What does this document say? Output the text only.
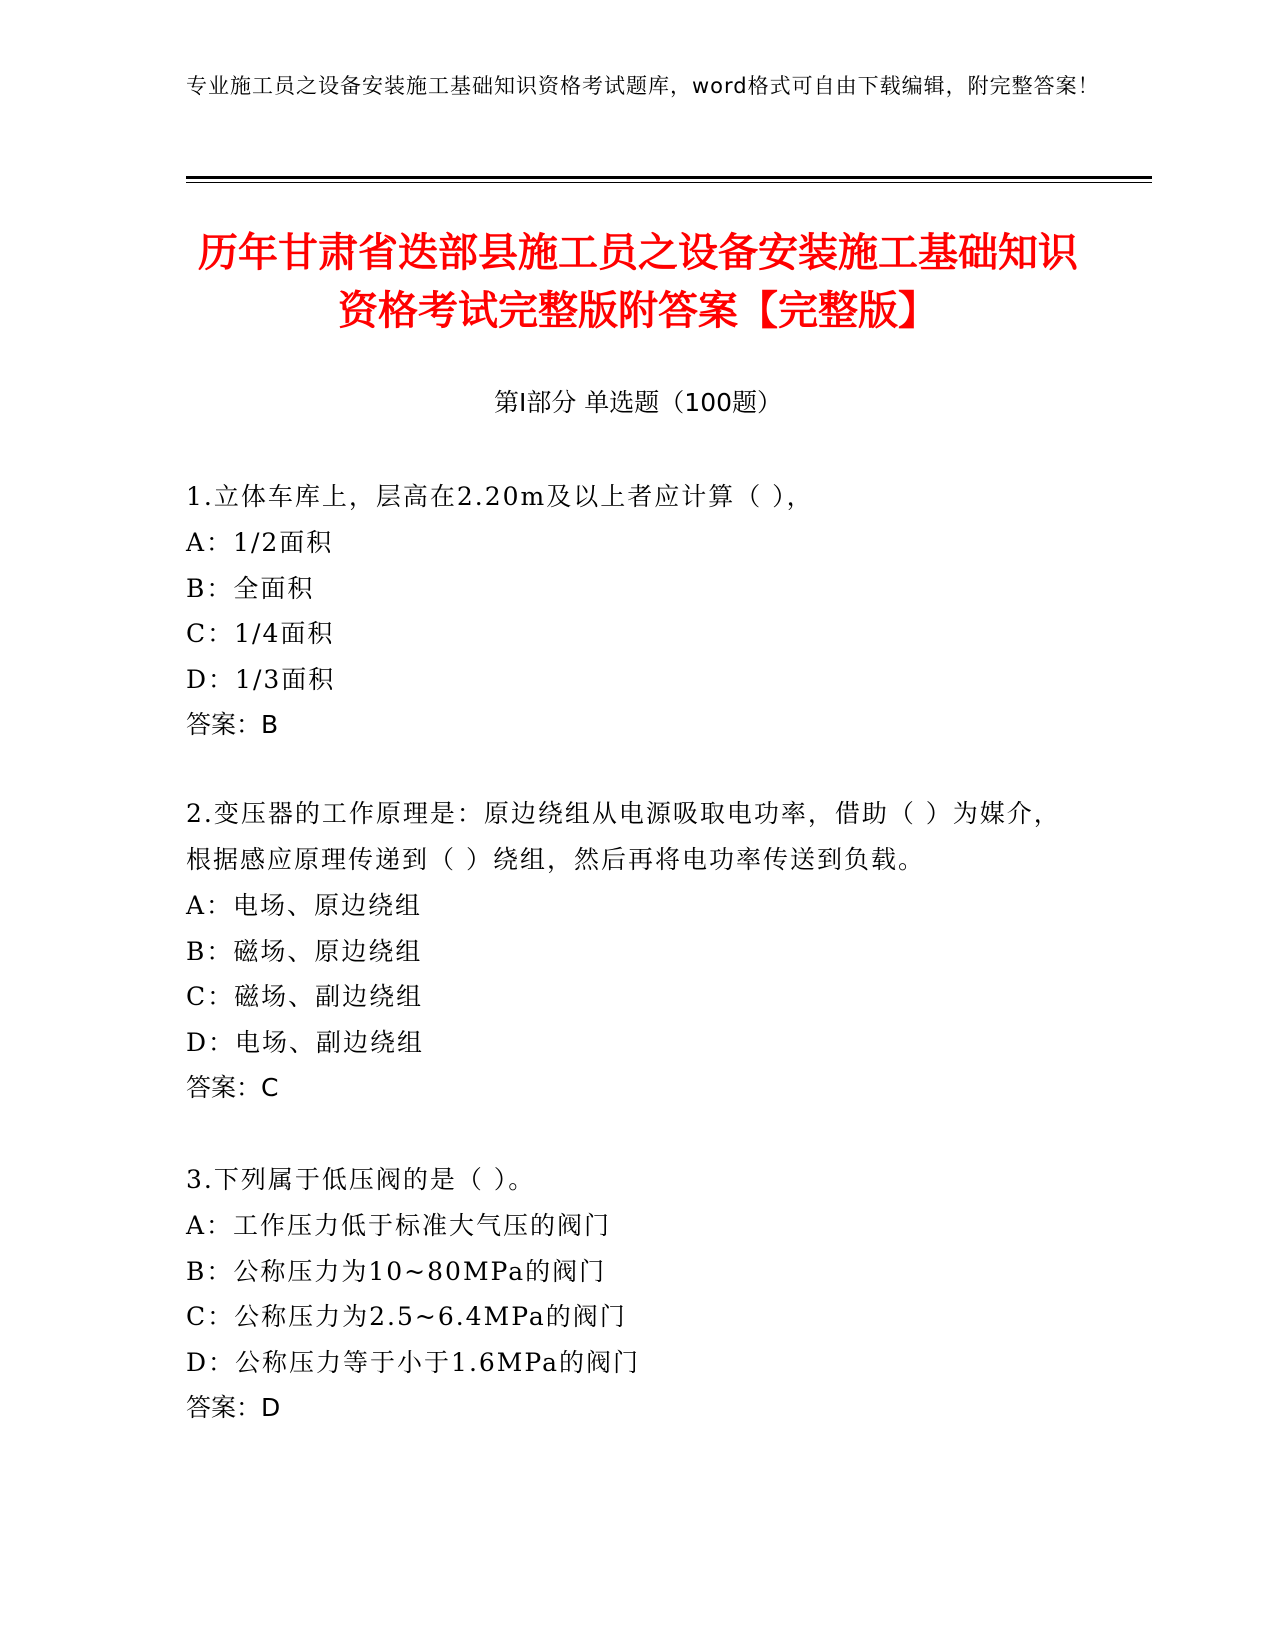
专业施工员之设备安装施工基础知识资格考试题库，word格式可自由下载编辑，附完整答案！
历年甘肃省迭部县施工员之设备安装施工基础知识资格考试完整版附答案【完整版】
第Ⅰ部分 单选题（100题）
1.立体车库上，层高在2.20m及以上者应计算（ ），
A：1/2面积
B：全面积
C：1/4面积
D：1/3面积
答案：B
2.变压器的工作原理是：原边绕组从电源吸取电功率，借助（ ）为媒介，根据感应原理传递到（ ）绕组，然后再将电功率传送到负载。
A：电场、原边绕组
B：磁场、原边绕组
C：磁场、副边绕组
D：电场、副边绕组
答案：C
3.下列属于低压阀的是（ ）。
A：工作压力低于标准大气压的阀门
B：公称压力为10~80MPa的阀门
C：公称压力为2.5~6.4MPa的阀门
D：公称压力等于小于1.6MPa的阀门
答案：D
